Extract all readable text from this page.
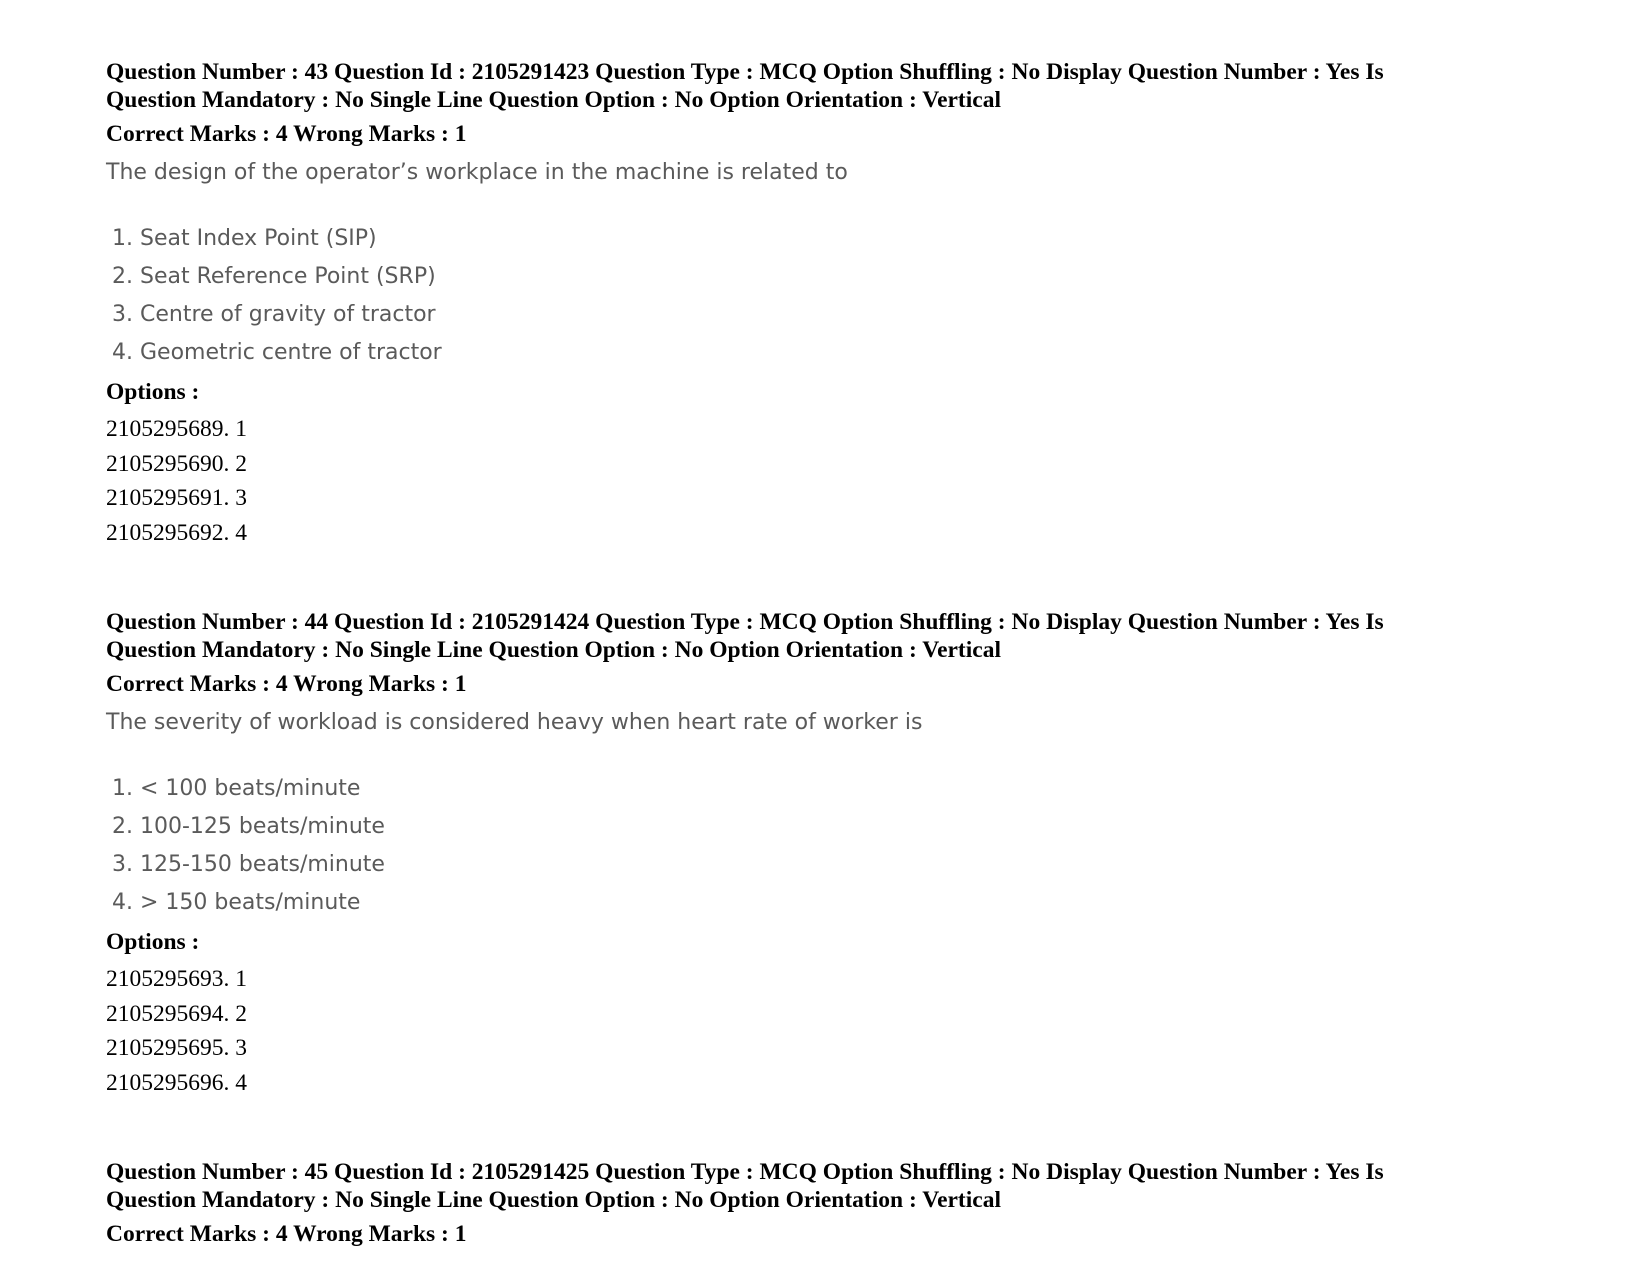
Question Number : 43 Question Id : 2105291423 Question Type : MCQ Option Shuffling : No Display Question Number : Yes Is
Question Mandatory : No Single Line Question Option : No Option Orientation : Vertical
Correct Marks : 4 Wrong Marks : 1

The design of the operator’s workplace in the machine is related to

1. Seat Index Point (SIP)
2. Seat Reference Point (SRP)
3. Centre of gravity of tractor
4. Geometric centre of tractor
Options :
2105295689. 1
2105295690. 2
2105295691. 3
2105295692. 4
Question Number : 44 Question Id : 2105291424 Question Type : MCQ Option Shuffling : No Display Question Number : Yes Is
Question Mandatory : No Single Line Question Option : No Option Orientation : Vertical
Correct Marks : 4 Wrong Marks : 1

The severity of workload is considered heavy when heart rate of worker is

1. < 100 beats/minute
2. 100-125 beats/minute
3. 125-150 beats/minute
4. > 150 beats/minute
Options :
2105295693. 1
2105295694. 2
2105295695. 3
2105295696. 4
Question Number : 45 Question Id : 2105291425 Question Type : MCQ Option Shuffling : No Display Question Number : Yes Is
Question Mandatory : No Single Line Question Option : No Option Orientation : Vertical
Correct Marks : 4 Wrong Marks : 1
